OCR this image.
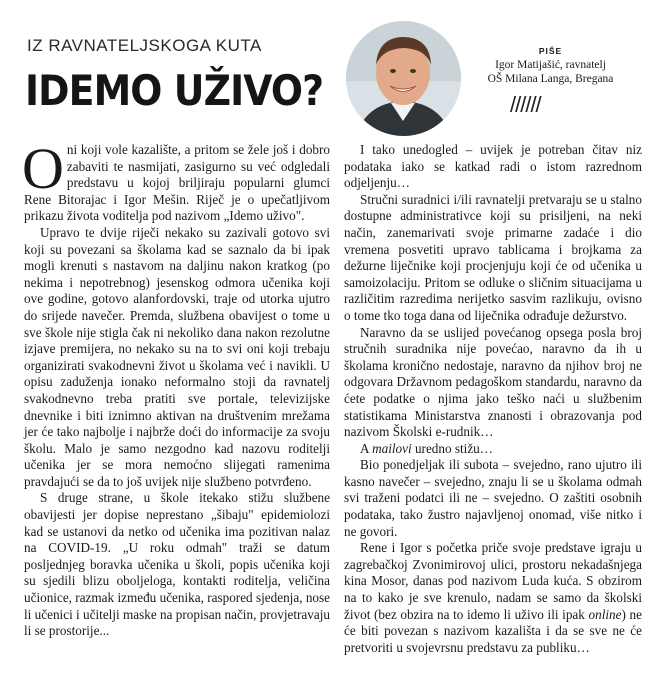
IZ RAVNATELJSKOGA KUTA
IDEMO UŽIVO?
PIŠE
Igor Matijašić, ravnatelj
OŠ Milana Langa, Bregana
//////

Oni koji vole kazalište, a pritom se žele još i dobro zabaviti te nasmijati, zasigurno su već odgledali predstavu u kojoj briljiraju popularni glumci Rene Bitorajac i Igor Mešin. Riječ je o upečatljivom prikazu života voditelja pod nazivom „Idemo uživo".

Upravo te dvije riječi nekako su zazivali gotovo svi koji su povezani sa školama kad se saznalo da bi ipak mogli krenuti s nastavom na daljinu nakon kratkog (po nekima i nepotrebnog) jesenskog odmora učenika koji ove godine, gotovo alanfordovski, traje od utorka ujutro do srijede navečer. Premda, službena obavijest o tome u sve škole nije stigla čak ni nekoliko dana nakon rezolutne izjave premijera, no nekako su na to svi oni koji trebaju organizirati svakodnevni život u školama već i navikli. U opisu zaduženja ionako neformalno stoji da ravnatelj svakodnevno treba pratiti sve portale, televizijske dnevnike i biti iznimno aktivan na društvenim mrežama jer će tako najbolje i najbrže doći do informacije za svoju školu. Malo je samo nezgodno kad nazovu roditelji učenika jer se mora nemoćno slijegati ramenima pravdajući se da to još uvijek nije službeno potvrđeno.

S druge strane, u škole itekako stižu službene obavijesti jer dopise neprestano „šibaju" epidemiolozi kad se ustanovi da netko od učenika ima pozitivan nalaz na COVID-19. „U roku odmah" traži se datum posljednjeg boravka učenika u školi, popis učenika koji su sjedili blizu oboljeloga, kontakti roditelja, veličina učionice, razmak između učenika, raspored sjedenja, nose li učenici i učitelji maske na propisan način, provjetravaju li se prostorije...

I tako unedogled – uvijek je potreban čitav niz podataka iako se katkad radi o istom razrednom odjeljenju…

Stručni suradnici i/ili ravnatelji pretvaraju se u stalno dostupne administrativce koji su prisiljeni, na neki način, zanemarivati svoje primarne zadaće i dio vremena posvetiti upravo tablicama i brojkama za dežurne liječnike koji procjenjuju koji će od učenika u samoizolaciju. Pritom se odluke o sličnim situacijama u različitim razredima nerijetko sasvim razlikuju, ovisno o tome tko toga dana od liječnika odrađuje dežurstvo.

Naravno da se uslijed povećanog opsega posla broj stručnih suradnika nije povećao, naravno da ih u školama kronično nedostaje, naravno da njihov broj ne odgovara Državnom pedagoškom standardu, naravno da ćete podatke o njima jako teško naći u službenim statistikama Ministarstva znanosti i obrazovanja pod nazivom Školski e-rudnik…

A mailovi uredno stižu…

Bio ponedjeljak ili subota – svejedno, rano ujutro ili kasno navečer – svejedno, znaju li se u školama odmah svi traženi podatci ili ne – svejedno. O zaštiti osobnih podataka, tako žustro najavljenoj onomad, više nitko i ne govori.

Rene i Igor s početka priče svoje predstave igraju u zagrebačkoj Zvonimirovoj ulici, prostoru nekadašnjega kina Mosor, danas pod nazivom Luda kuća. S obzirom na to kako je sve krenulo, nadam se samo da školski život (bez obzira na to idemo li uživo ili ipak online) ne će biti povezan s nazivom kazališta i da se sve ne će pretvoriti u svojevrsnu predstavu za publiku…
